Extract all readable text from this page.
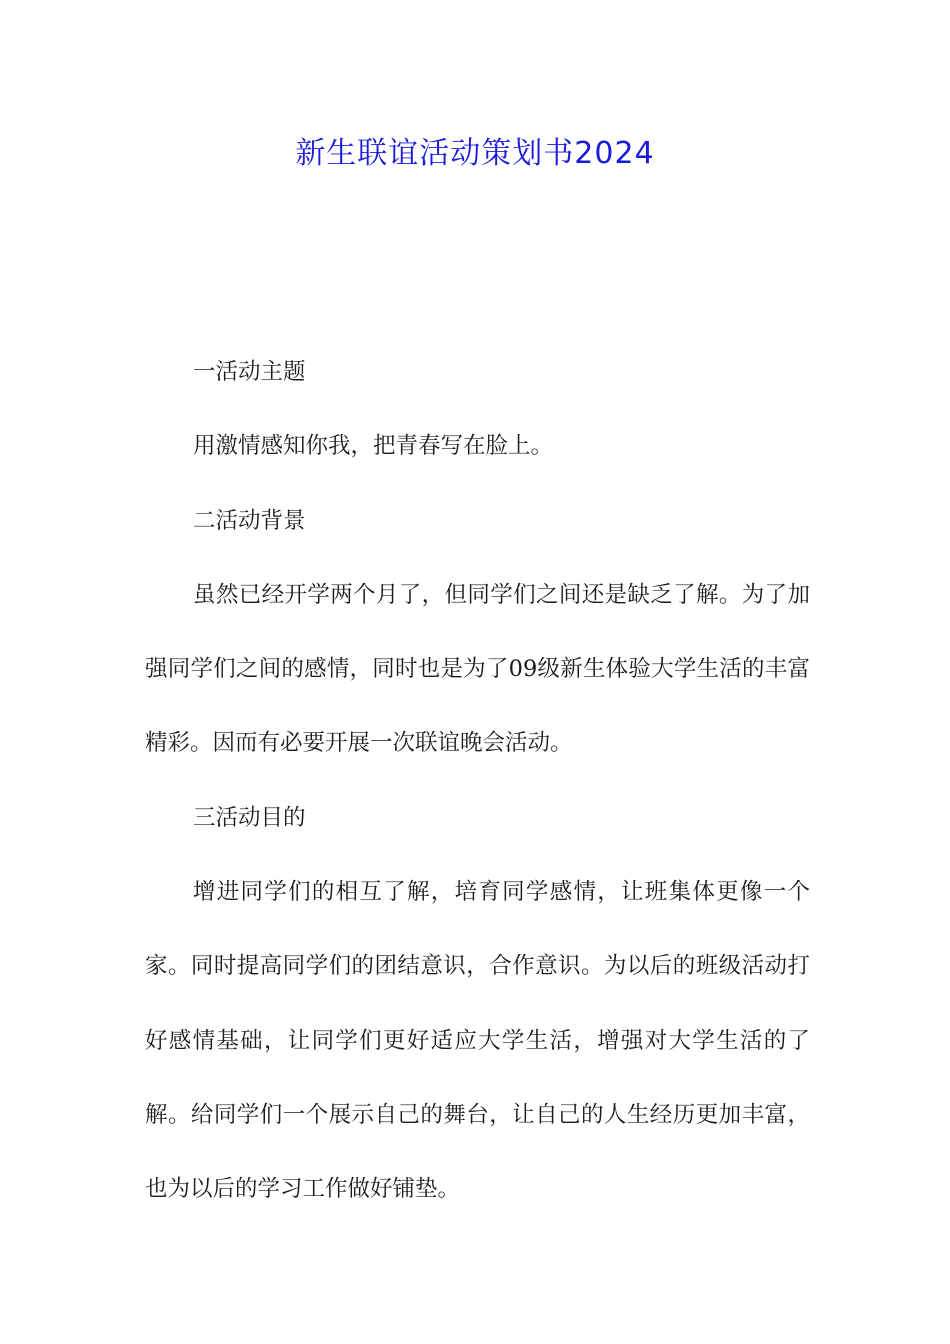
新生联谊活动策划书2024

一活动主题

用激情感知你我，把青春写在脸上。

二活动背景

虽然已经开学两个月了，但同学们之间还是缺乏了解。为了加强同学们之间的感情，同时也是为了09级新生体验大学生活的丰富精彩。因而有必要开展一次联谊晚会活动。

三活动目的

增进同学们的相互了解，培育同学感情，让班集体更像一个家。同时提高同学们的团结意识，合作意识。为以后的班级活动打好感情基础，让同学们更好适应大学生活，增强对大学生活的了解。给同学们一个展示自己的舞台，让自己的人生经历更加丰富，也为以后的学习工作做好铺垫。
